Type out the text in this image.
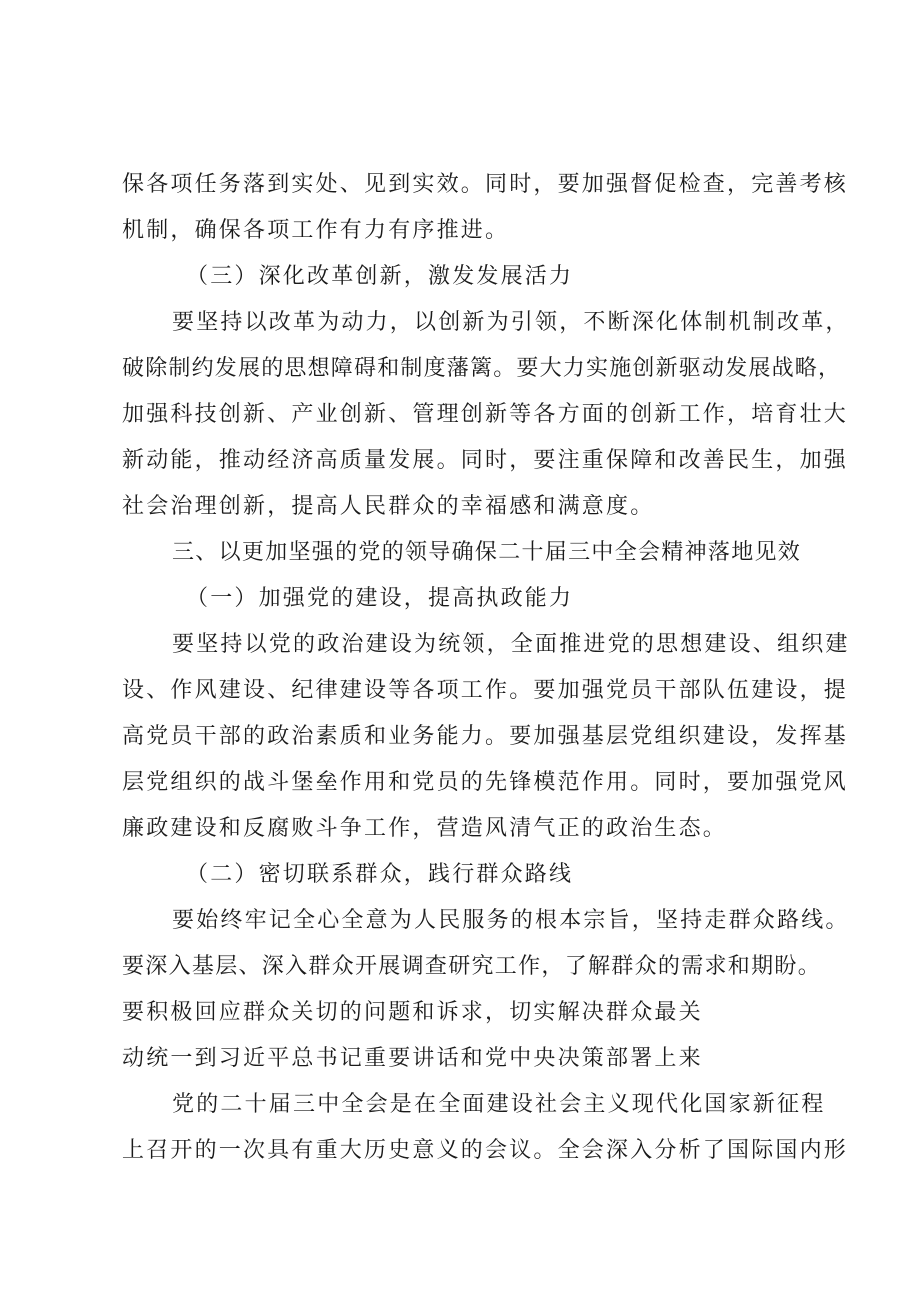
保各项任务落到实处、见到实效。同时，要加强督促检查，完善考核
机制，确保各项工作有力有序推进。
（三）深化改革创新，激发发展活力
要坚持以改革为动力，以创新为引领，不断深化体制机制改革，
破除制约发展的思想障碍和制度藩篱。要大力实施创新驱动发展战略，
加强科技创新、产业创新、管理创新等各方面的创新工作，培育壮大
新动能，推动经济高质量发展。同时，要注重保障和改善民生，加强
社会治理创新，提高人民群众的幸福感和满意度。
三、以更加坚强的党的领导确保二十届三中全会精神落地见效
（一）加强党的建设，提高执政能力
要坚持以党的政治建设为统领，全面推进党的思想建设、组织建
设、作风建设、纪律建设等各项工作。要加强党员干部队伍建设，提
高党员干部的政治素质和业务能力。要加强基层党组织建设，发挥基
层党组织的战斗堡垒作用和党员的先锋模范作用。同时，要加强党风
廉政建设和反腐败斗争工作，营造风清气正的政治生态。
（二）密切联系群众，践行群众路线
要始终牢记全心全意为人民服务的根本宗旨，坚持走群众路线。
要深入基层、深入群众开展调查研究工作，了解群众的需求和期盼。
要积极回应群众关切的问题和诉求，切实解决群众最关
动统一到习近平总书记重要讲话和党中央决策部署上来
党的二十届三中全会是在全面建设社会主义现代化国家新征程
上召开的一次具有重大历史意义的会议。全会深入分析了国际国内形
